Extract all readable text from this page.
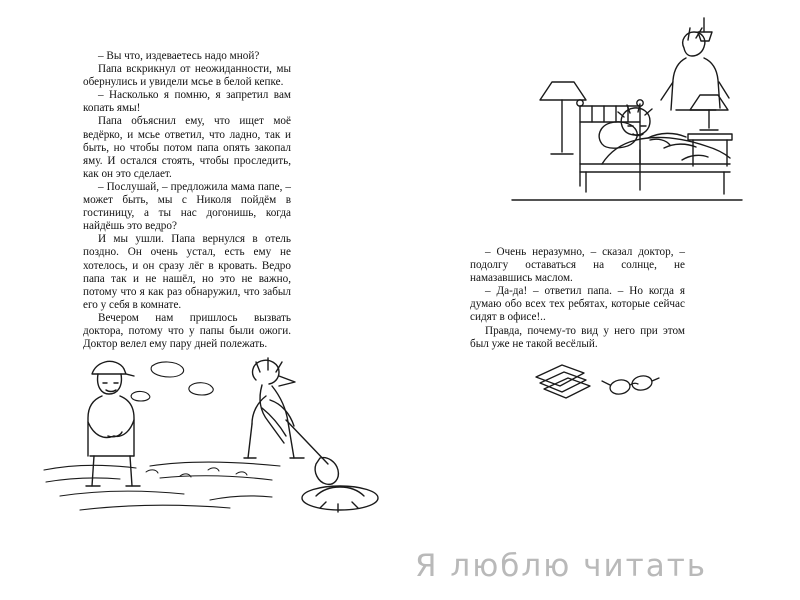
– Вы что, издеваетесь надо мной?

Папа вскрикнул от неожиданности, мы обернулись и увидели мсье в белой кепке.

– Насколько я помню, я запретил вам копать ямы!

Папа объяснил ему, что ищет моё ведёрко, и мсье ответил, что ладно, так и быть, но чтобы потом папа опять закопал яму. И остался стоять, чтобы проследить, как он это сделает.

– Послушай, – предложила мама папе, – может быть, мы с Николя пойдём в гостиницу, а ты нас догонишь, когда найдёшь это ведро?

И мы ушли. Папа вернулся в отель поздно. Он очень устал, есть ему не хотелось, и он сразу лёг в кровать. Ведро папа так и не нашёл, но это не важно, потому что я как раз обнаружил, что забыл его у себя в комнате.

Вечером нам пришлось вызвать доктора, потому что у папы были ожоги. Доктор велел ему пару дней полежать.

– Очень неразумно, – сказал доктор, – подолгу оставаться на солнце, не намазавшись маслом.

– Да-да! – ответил папа. – Но когда я думаю обо всех тех ребятах, которые сейчас сидят в офисе!..

Правда, почему-то вид у него при этом был уже не такой весёлый.

Я люблю читать
